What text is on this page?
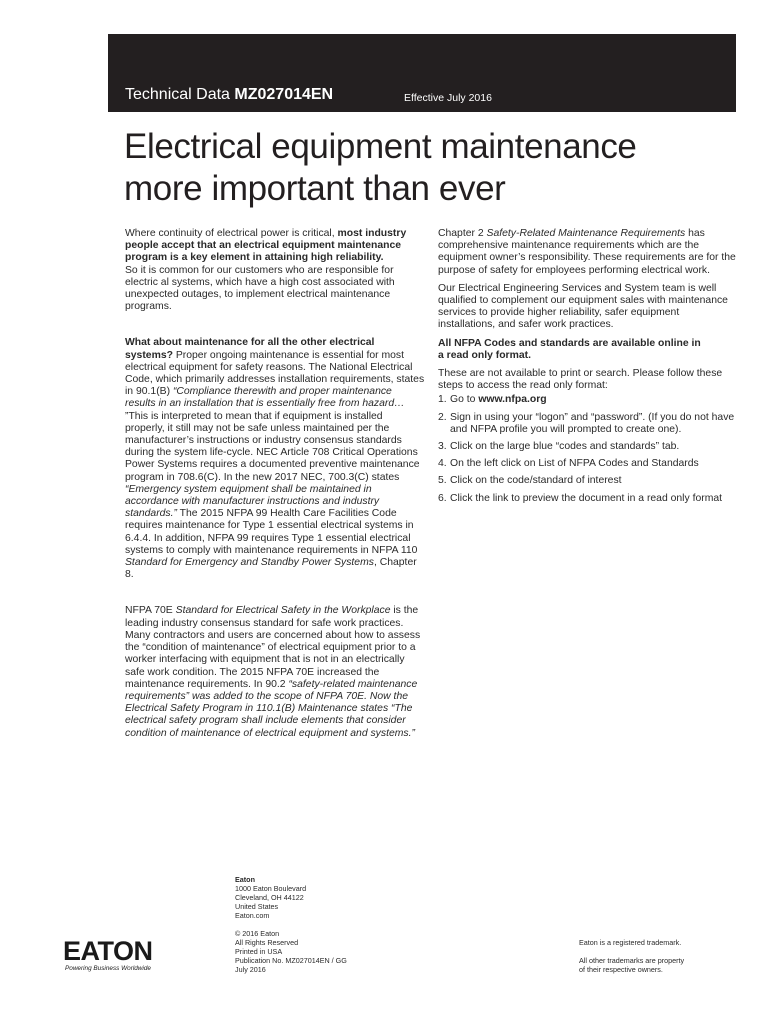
Technical Data MZ027014EN	Effective July 2016
Electrical equipment maintenance
more important than ever

Where continuity of electrical power is critical, most industry people accept that an electrical equipment maintenance program is a key element in attaining high reliability.
So it is common for our customers who are responsible for electric al systems, which have a high cost associated with unexpected outages, to implement electrical maintenance programs.

What about maintenance for all the other electrical systems? Proper ongoing maintenance is essential for most electrical equipment for safety reasons. The National Electrical Code, which primarily addresses installation requirements, states in 90.1(B) “Compliance therewith and proper maintenance results in an installation that is essentially free from hazard… ”This is interpreted to mean that if equipment is installed properly, it still may not be safe unless maintained per the manufacturer’s instructions or industry consensus standards during the system life-cycle. NEC Article 708 Critical Operations Power Systems requires a documented preventive maintenance program in 708.6(C). In the new 2017 NEC, 700.3(C) states “Emergency system equipment shall be maintained in accordance with manufacturer instructions and industry standards.” The 2015 NFPA 99 Health Care Facilities Code requires maintenance for Type 1 essential electrical systems in 6.4.4. In addition, NFPA 99 requires Type 1 essential electrical systems to comply with maintenance requirements in NFPA 110 Standard for Emergency and Standby Power Systems, Chapter 8.

NFPA 70E Standard for Electrical Safety in the Workplace is the leading industry consensus standard for safe work practices. Many contractors and users are concerned about how to assess the “condition of maintenance” of electrical equipment prior to a worker interfacing with equipment that is not in an electrically safe work condition. The 2015 NFPA 70E increased the maintenance requirements. In 90.2 “safety-related maintenance requirements” was added to the scope of NFPA 70E. Now the Electrical Safety Program in 110.1(B) Maintenance states “The electrical safety program shall include elements that consider condition of maintenance of electrical equipment and systems.”

Chapter 2 Safety-Related Maintenance Requirements has comprehensive maintenance requirements which are the equipment owner’s responsibility. These requirements are for the purpose of safety for employees performing electrical work.

Our Electrical Engineering Services and System team is well qualified to complement our equipment sales with maintenance services to provide higher reliability, safer equipment installations, and safer work practices.

All NFPA Codes and standards are available online in
a read only format.

These are not available to print or search. Please follow these steps to access the read only format:

1. Go to www.nfpa.org
2. Sign in using your “logon” and “password”. (If you do not have and NFPA profile you will prompted to create one).
3. Click on the large blue “codes and standards” tab.
4. On the left click on List of NFPA Codes and Standards
5. Click on the code/standard of interest
6. Click the link to preview the document in a read only format
EATON
Powering Business Worldwide
Eaton
1000 Eaton Boulevard
Cleveland, OH 44122
United States
Eaton.com
© 2016 Eaton
All Rights Reserved
Printed in USA
Publication No. MZ027014EN / GG
July 2016
Eaton is a registered trademark.
All other trademarks are property
of their respective owners.
